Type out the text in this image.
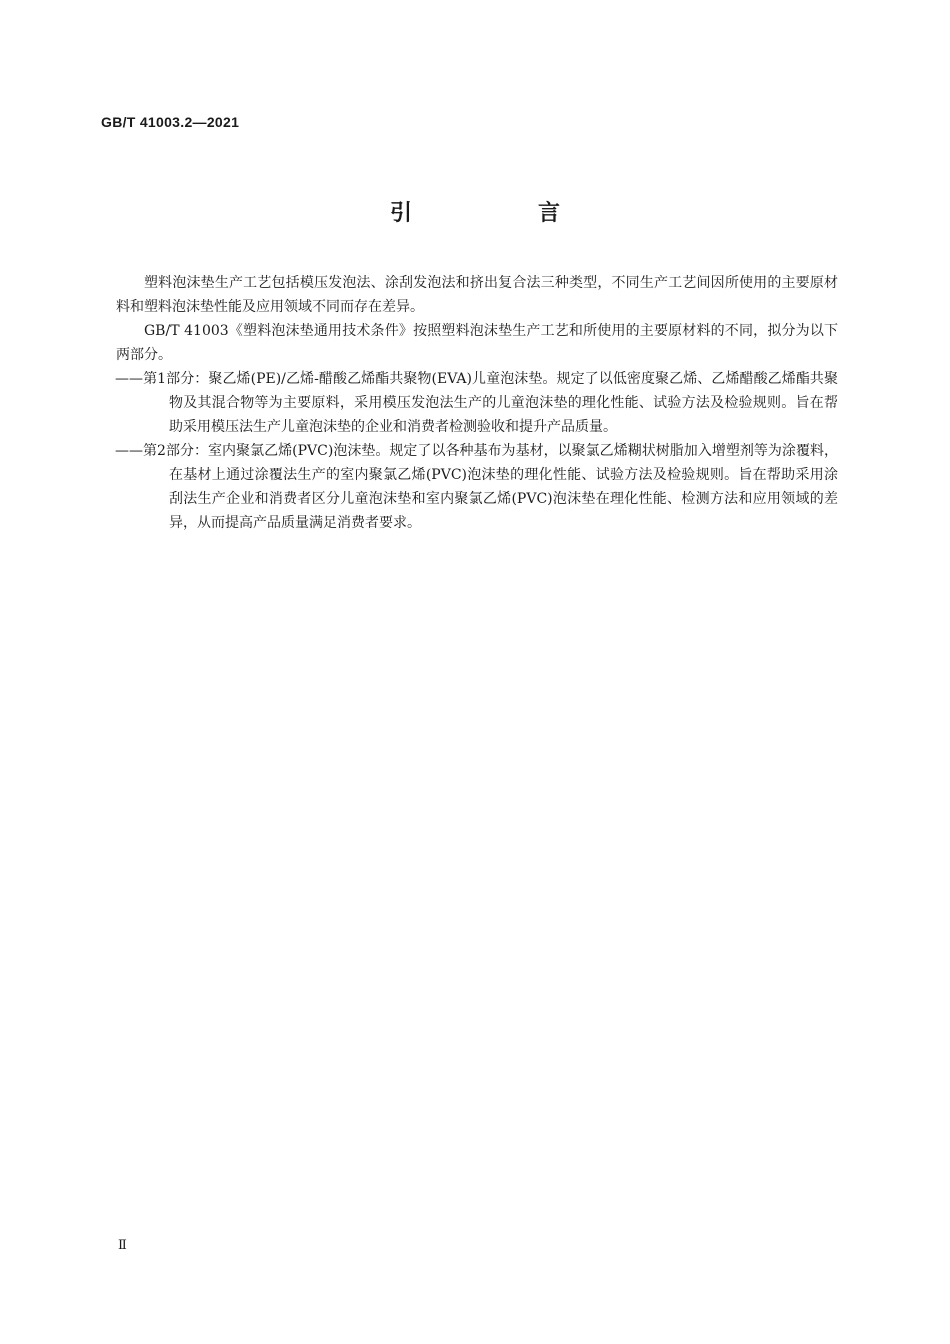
GB/T 41003.2—2021
引　言

塑料泡沫垫生产工艺包括模压发泡法、涂刮发泡法和挤出复合法三种类型，不同生产工艺间因所使用的主要原材料和塑料泡沫垫性能及应用领域不同而存在差异。

GB/T 41003《塑料泡沫垫通用技术条件》按照塑料泡沫垫生产工艺和所使用的主要原材料的不同，拟分为以下两部分。

——第1部分：聚乙烯(PE)/乙烯-醋酸乙烯酯共聚物(EVA)儿童泡沫垫。规定了以低密度聚乙烯、乙烯醋酸乙烯酯共聚物及其混合物等为主要原料，采用模压发泡法生产的儿童泡沫垫的理化性能、试验方法及检验规则。旨在帮助采用模压法生产儿童泡沫垫的企业和消费者检测验收和提升产品质量。

——第2部分：室内聚氯乙烯(PVC)泡沫垫。规定了以各种基布为基材，以聚氯乙烯糊状树脂加入增塑剂等为涂覆料，在基材上通过涂覆法生产的室内聚氯乙烯(PVC)泡沫垫的理化性能、试验方法及检验规则。旨在帮助采用涂刮法生产企业和消费者区分儿童泡沫垫和室内聚氯乙烯(PVC)泡沫垫在理化性能、检测方法和应用领域的差异，从而提高产品质量满足消费者要求。

Ⅱ
